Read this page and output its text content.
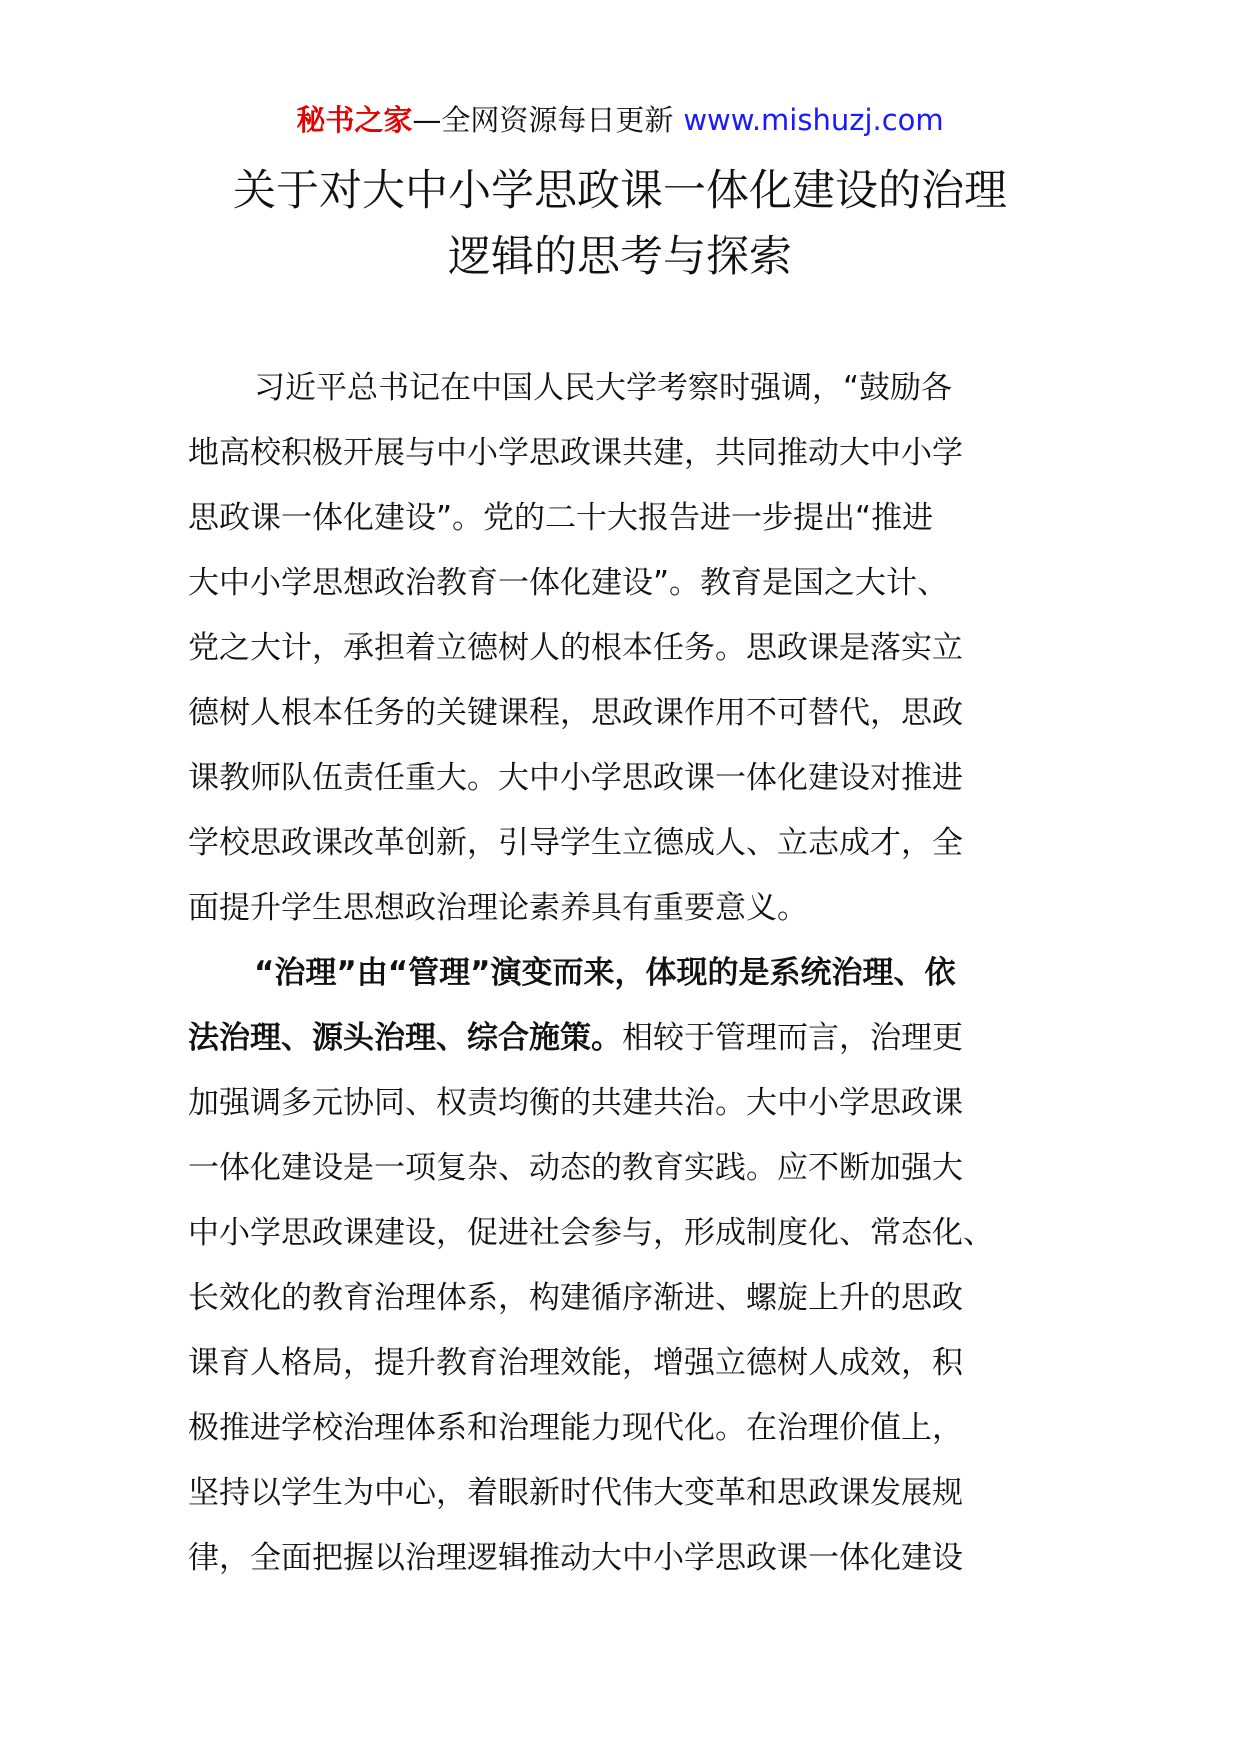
秘书之家—全网资源每日更新 www.mishuzj.com
关于对大中小学思政课一体化建设的治理
逻辑的思考与探索
习近平总书记在中国人民大学考察时强调，“鼓励各
地高校积极开展与中小学思政课共建，共同推动大中小学
思政课一体化建设”。党的二十大报告进一步提出“推进
大中小学思想政治教育一体化建设”。教育是国之大计、
党之大计，承担着立德树人的根本任务。思政课是落实立
德树人根本任务的关键课程，思政课作用不可替代，思政
课教师队伍责任重大。大中小学思政课一体化建设对推进
学校思政课改革创新，引导学生立德成人、立志成才，全
面提升学生思想政治理论素养具有重要意义。
“治理”由“管理”演变而来，体现的是系统治理、依
法治理、源头治理、综合施策。相较于管理而言，治理更
加强调多元协同、权责均衡的共建共治。大中小学思政课
一体化建设是一项复杂、动态的教育实践。应不断加强大
中小学思政课建设，促进社会参与，形成制度化、常态化、
长效化的教育治理体系，构建循序渐进、螺旋上升的思政
课育人格局，提升教育治理效能，增强立德树人成效，积
极推进学校治理体系和治理能力现代化。在治理价值上，
坚持以学生为中心，着眼新时代伟大变革和思政课发展规
律，全面把握以治理逻辑推动大中小学思政课一体化建设
